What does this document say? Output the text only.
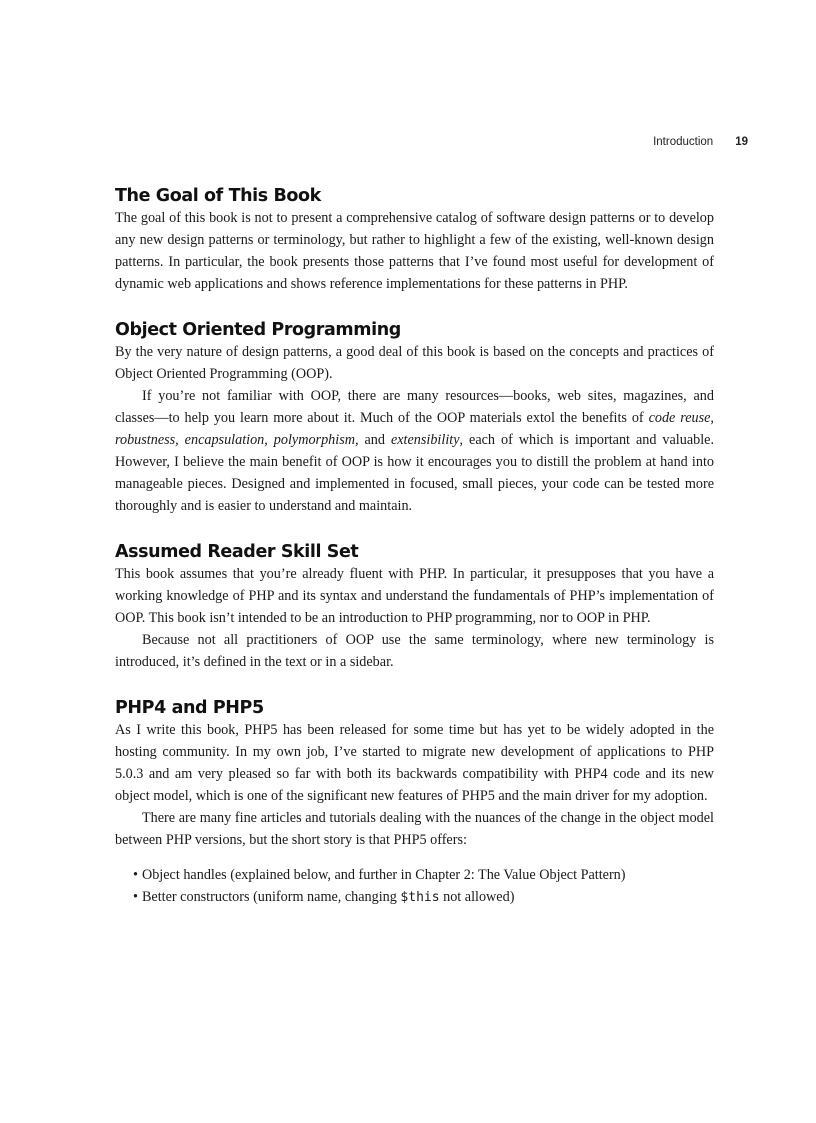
Introduction 19
The Goal of This Book

The goal of this book is not to present a comprehensive catalog of software design patterns or to develop any new design patterns or terminology, but rather to highlight a few of the existing, well-known design patterns. In particular, the book presents those patterns that I’ve found most useful for development of dynamic web applications and shows reference implementations for these patterns in PHP.

Object Oriented Programming

By the very nature of design patterns, a good deal of this book is based on the concepts and practices of Object Oriented Programming (OOP).

If you’re not familiar with OOP, there are many resources—books, web sites, magazines, and classes—to help you learn more about it. Much of the OOP materials extol the benefits of code reuse, robustness, encapsulation, polymorphism, and extensibility, each of which is important and valuable. However, I believe the main benefit of OOP is how it encourages you to distill the problem at hand into manageable pieces. Designed and implemented in focused, small pieces, your code can be tested more thoroughly and is easier to understand and maintain.

Assumed Reader Skill Set

This book assumes that you’re already fluent with PHP. In particular, it presupposes that you have a working knowledge of PHP and its syntax and understand the fundamentals of PHP’s implementation of OOP. This book isn’t intended to be an introduction to PHP programming, nor to OOP in PHP.

Because not all practitioners of OOP use the same terminology, where new terminology is introduced, it’s defined in the text or in a sidebar.

PHP4 and PHP5

As I write this book, PHP5 has been released for some time but has yet to be widely adopted in the hosting community. In my own job, I’ve started to migrate new development of applications to PHP 5.0.3 and am very pleased so far with both its backwards compatibility with PHP4 code and its new object model, which is one of the significant new features of PHP5 and the main driver for my adoption.

There are many fine articles and tutorials dealing with the nuances of the change in the object model between PHP versions, but the short story is that PHP5 offers:

• Object handles (explained below, and further in Chapter 2: The Value Object Pattern)
• Better constructors (uniform name, changing $this not allowed)
